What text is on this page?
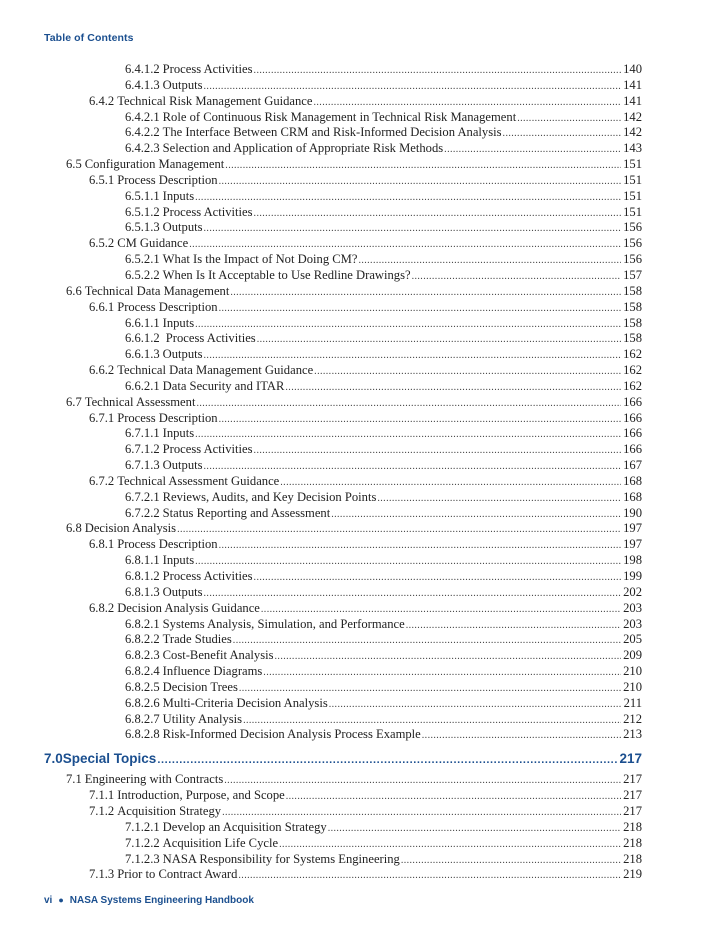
Table of Contents
6.4.1.2 Process Activities .....	140
6.4.1.3 Outputs .....	141
6.4.2 Technical Risk Management Guidance .....	141
6.4.2.1 Role of Continuous Risk Management in Technical Risk Management .....	142
6.4.2.2 The Interface Between CRM and Risk-Informed Decision Analysis .....	142
6.4.2.3 Selection and Application of Appropriate Risk Methods .....	143
6.5 Configuration Management .....	151
6.5.1 Process Description .....	151
6.5.1.1 Inputs .....	151
6.5.1.2 Process Activities .....	151
6.5.1.3 Outputs .....	156
6.5.2 CM Guidance .....	156
6.5.2.1 What Is the Impact of Not Doing CM? .....	156
6.5.2.2 When Is It Acceptable to Use Redline Drawings? .....	157
6.6 Technical Data Management .....	158
6.6.1 Process Description .....	158
6.6.1.1 Inputs .....	158
6.6.1.2 Process Activities .....	158
6.6.1.3 Outputs .....	162
6.6.2 Technical Data Management Guidance .....	162
6.6.2.1 Data Security and ITAR .....	162
6.7 Technical Assessment .....	166
6.7.1 Process Description .....	166
6.7.1.1 Inputs .....	166
6.7.1.2 Process Activities .....	166
6.7.1.3 Outputs .....	167
6.7.2 Technical Assessment Guidance .....	168
6.7.2.1 Reviews, Audits, and Key Decision Points .....	168
6.7.2.2 Status Reporting and Assessment .....	190
6.8 Decision Analysis .....	197
6.8.1 Process Description .....	197
6.8.1.1 Inputs .....	198
6.8.1.2 Process Activities .....	199
6.8.1.3 Outputs .....	202
6.8.2 Decision Analysis Guidance .....	203
6.8.2.1 Systems Analysis, Simulation, and Performance .....	203
6.8.2.2 Trade Studies .....	205
6.8.2.3 Cost-Benefit Analysis .....	209
6.8.2.4 Influence Diagrams .....	210
6.8.2.5 Decision Trees .....	210
6.8.2.6 Multi-Criteria Decision Analysis .....	211
6.8.2.7 Utility Analysis .....	212
6.8.2.8 Risk-Informed Decision Analysis Process Example .....	213
7.0 Special Topics .....	217
7.1 Engineering with Contracts .....	217
7.1.1 Introduction, Purpose, and Scope .....	217
7.1.2 Acquisition Strategy .....	217
7.1.2.1 Develop an Acquisition Strategy .....	218
7.1.2.2 Acquisition Life Cycle .....	218
7.1.2.3 NASA Responsibility for Systems Engineering .....	218
7.1.3 Prior to Contract Award .....	219
vi ● NASA Systems Engineering Handbook
